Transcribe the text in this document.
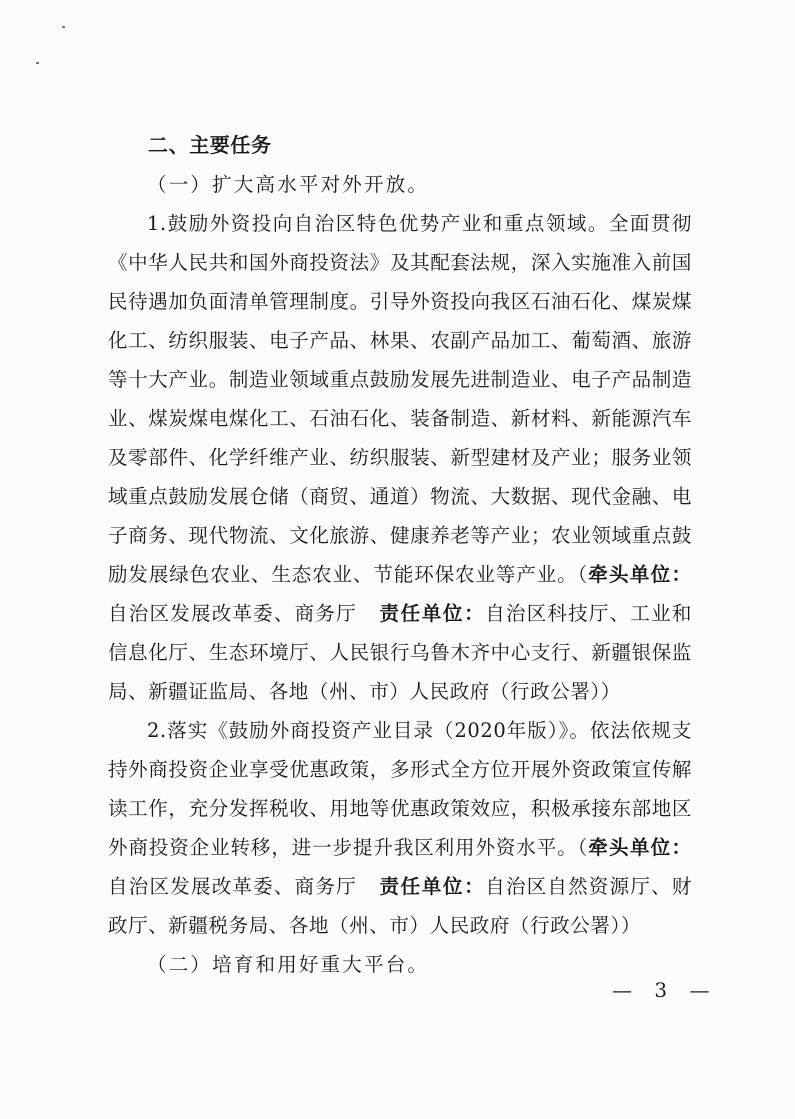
二、主要任务

（一）扩大高水平对外开放。

1.鼓励外资投向自治区特色优势产业和重点领域。全面贯彻《中华人民共和国外商投资法》及其配套法规，深入实施准入前国民待遇加负面清单管理制度。引导外资投向我区石油石化、煤炭煤化工、纺织服装、电子产品、林果、农副产品加工、葡萄酒、旅游等十大产业。制造业领域重点鼓励发展先进制造业、电子产品制造业、煤炭煤电煤化工、石油石化、装备制造、新材料、新能源汽车及零部件、化学纤维产业、纺织服装、新型建材及产业；服务业领域重点鼓励发展仓储（商贸、通道）物流、大数据、现代金融、电子商务、现代物流、文化旅游、健康养老等产业；农业领域重点鼓励发展绿色农业、生态农业、节能环保农业等产业。（牵头单位：自治区发展改革委、商务厅 责任单位：自治区科技厅、工业和信息化厅、生态环境厅、人民银行乌鲁木齐中心支行、新疆银保监局、新疆证监局、各地（州、市）人民政府（行政公署））

2.落实《鼓励外商投资产业目录（2020年版）》。依法依规支持外商投资企业享受优惠政策，多形式全方位开展外资政策宣传解读工作，充分发挥税收、用地等优惠政策效应，积极承接东部地区外商投资企业转移，进一步提升我区利用外资水平。（牵头单位：自治区发展改革委、商务厅 责任单位：自治区自然资源厅、财政厅、新疆税务局、各地（州、市）人民政府（行政公署））

（二）培育和用好重大平台。

— 3 —
